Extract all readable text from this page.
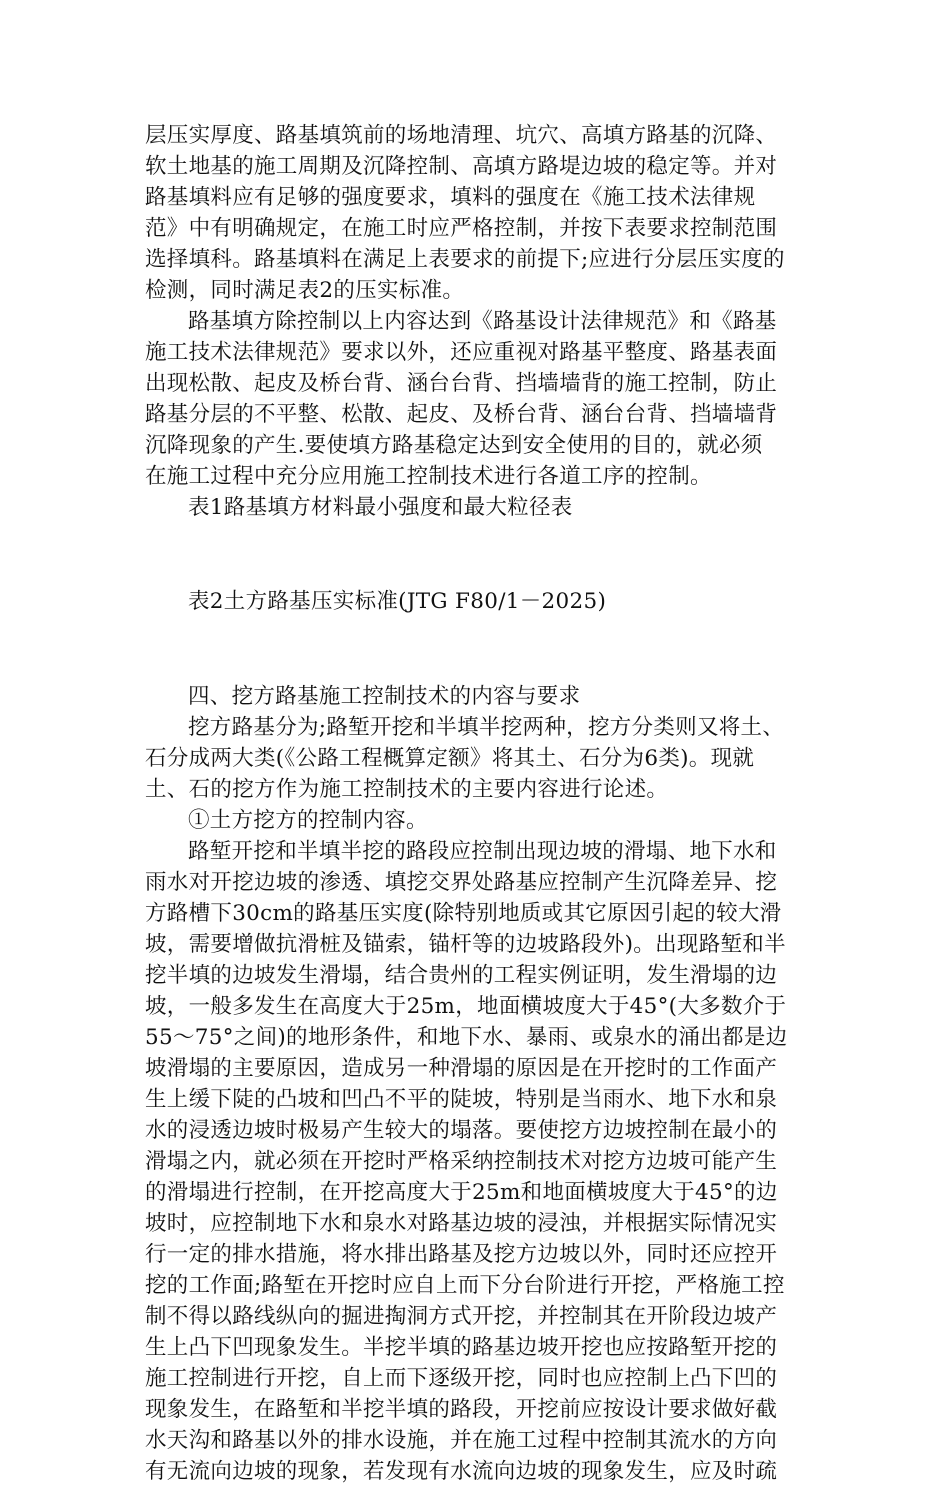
层压实厚度、路基填筑前的场地清理、坑穴、高填方路基的沉降、
软土地基的施工周期及沉降控制、高填方路堤边坡的稳定等。并对
路基填料应有足够的强度要求，填料的强度在《施工技术法律规
范》中有明确规定，在施工时应严格控制，并按下表要求控制范围
选择填科。路基填料在满足上表要求的前提下;应进行分层压实度的
检测，同时满足表2的压实标准。
路基填方除控制以上内容达到《路基设计法律规范》和《路基
施工技术法律规范》要求以外，还应重视对路基平整度、路基表面
出现松散、起皮及桥台背、涵台台背、挡墙墙背的施工控制，防止
路基分层的不平整、松散、起皮、及桥台背、涵台台背、挡墙墙背
沉降现象的产生.要使填方路基稳定达到安全使用的目的，就必须
在施工过程中充分应用施工控制技术进行各道工序的控制。
表1路基填方材料最小强度和最大粒径表
表2土方路基压实标准(JTG F80/1－2025)
四、挖方路基施工控制技术的内容与要求
挖方路基分为;路堑开挖和半填半挖两种，挖方分类则又将土、
石分成两大类(《公路工程概算定额》将其土、石分为6类)。现就
土、石的挖方作为施工控制技术的主要内容进行论述。
①土方挖方的控制内容。
路堑开挖和半填半挖的路段应控制出现边坡的滑塌、地下水和
雨水对开挖边坡的渗透、填挖交界处路基应控制产生沉降差异、挖
方路槽下30cm的路基压实度(除特别地质或其它原因引起的较大滑
坡，需要增做抗滑桩及锚索，锚杆等的边坡路段外)。出现路堑和半
挖半填的边坡发生滑塌，结合贵州的工程实例证明，发生滑塌的边
坡，一般多发生在高度大于25m，地面横坡度大于45°(大多数介于
55～75°之间)的地形条件，和地下水、暴雨、或泉水的涌出都是边
坡滑塌的主要原因，造成另一种滑塌的原因是在开挖时的工作面产
生上缓下陡的凸坡和凹凸不平的陡坡，特别是当雨水、地下水和泉
水的浸透边坡时极易产生较大的塌落。要使挖方边坡控制在最小的
滑塌之内，就必须在开挖时严格采纳控制技术对挖方边坡可能产生
的滑塌进行控制，在开挖高度大于25m和地面横坡度大于45°的边
坡时，应控制地下水和泉水对路基边坡的浸浊，并根据实际情况实
行一定的排水措施，将水排出路基及挖方边坡以外，同时还应控开
挖的工作面;路堑在开挖时应自上而下分台阶进行开挖，严格施工控
制不得以路线纵向的掘进掏洞方式开挖，并控制其在开阶段边坡产
生上凸下凹现象发生。半挖半填的路基边坡开挖也应按路堑开挖的
施工控制进行开挖，自上而下逐级开挖，同时也应控制上凸下凹的
现象发生，在路堑和半挖半填的路段，开挖前应按设计要求做好截
水天沟和路基以外的排水设施，并在施工过程中控制其流水的方向
有无流向边坡的现象，若发现有水流向边坡的现象发生，应及时疏
